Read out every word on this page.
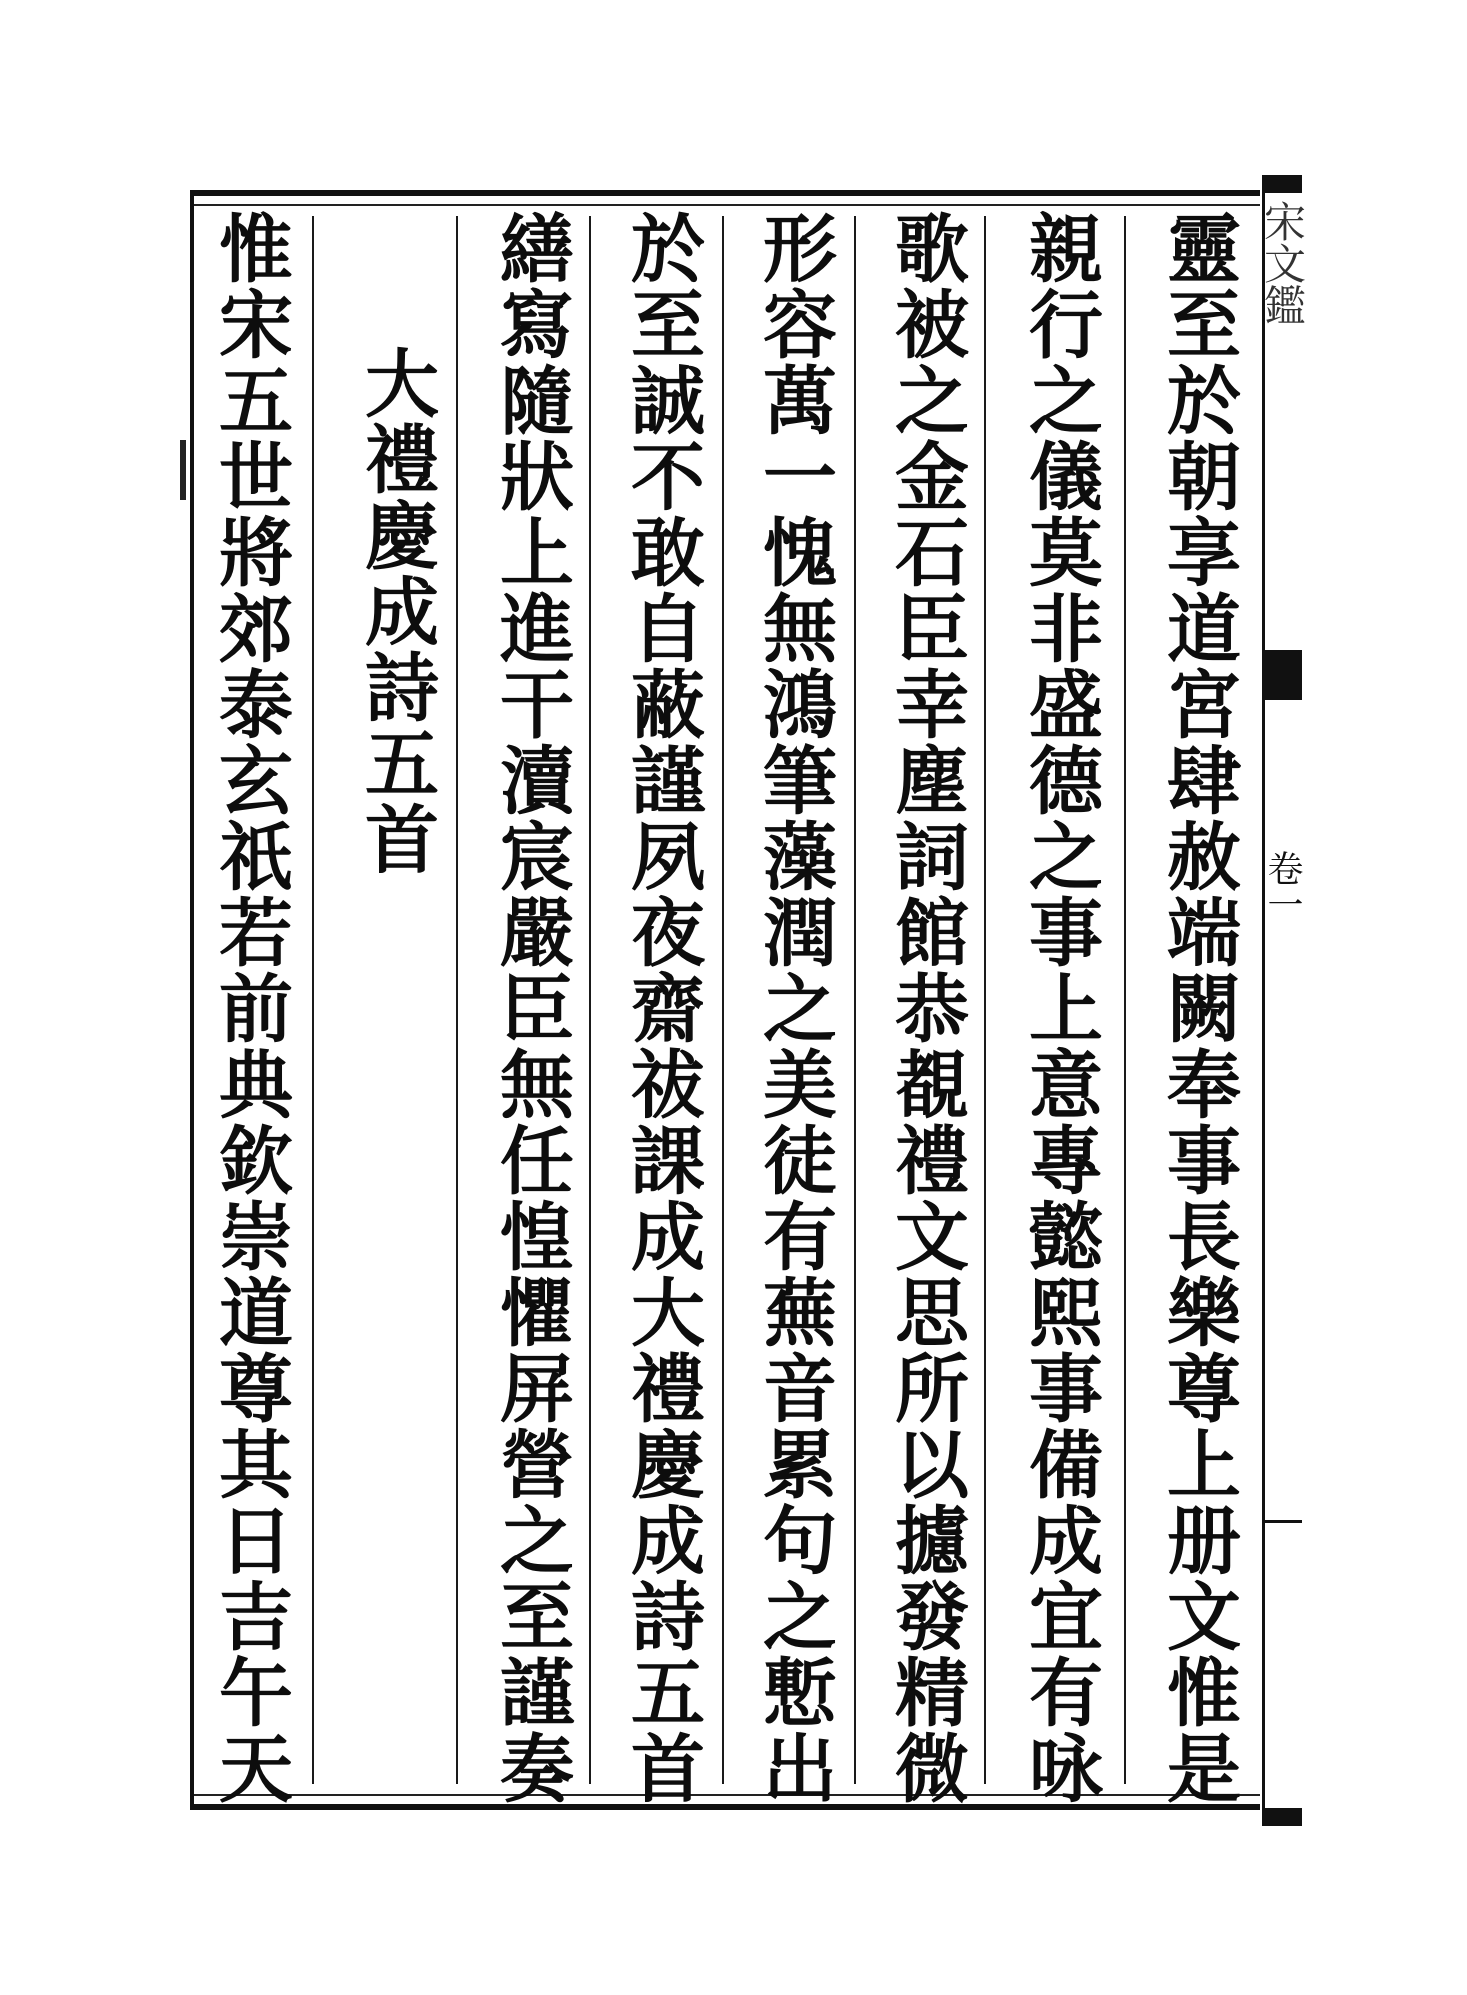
靈至於朝享道宮肆赦端闕奉事長樂尊上册文惟是
親行之儀莫非盛德之事上意專懿熙事備成宜有咏
歌被之金石臣幸塵詞館恭覩禮文思所以攄發精微
形容萬一愧無鴻筆藻潤之美徒有蕪音累句之慙出
於至誠不敢自蔽謹夙夜齋祓課成大禮慶成詩五首
繕寫隨狀上進干瀆宸嚴臣無任惶懼屏營之至謹奏
大禮慶成詩五首
惟宋五世將郊泰玄祇若前典欽崇道尊其日吉午天	宋文鑑
卷一
